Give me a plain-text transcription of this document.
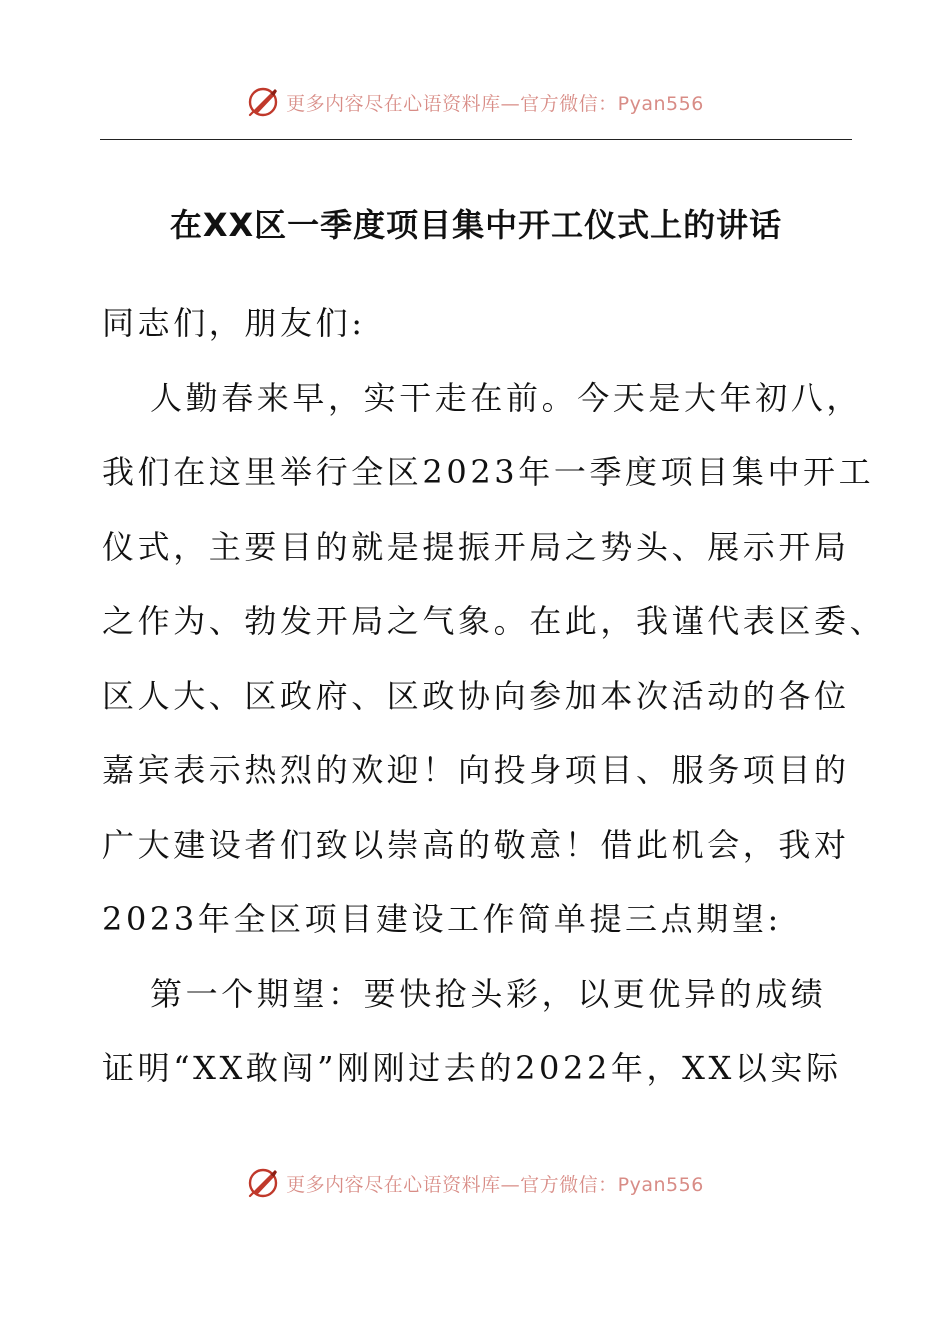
更多内容尽在心语资料库—官方微信：Pyan556
在XX区一季度项目集中开工仪式上的讲话
同志们，朋友们:
人勤春来早，实干走在前。今天是大年初八，
我们在这里举行全区2023年一季度项目集中开工
仪式，主要目的就是提振开局之势头、展示开局
之作为、勃发开局之气象。在此，我谨代表区委、
区人大、区政府、区政协向参加本次活动的各位
嘉宾表示热烈的欢迎！向投身项目、服务项目的
广大建设者们致以崇高的敬意！借此机会，我对
2023年全区项目建设工作简单提三点期望:
第一个期望：要快抢头彩，以更优异的成绩
证明“XX敢闯”刚刚过去的2022年，XX以实际
更多内容尽在心语资料库—官方微信：Pyan556
